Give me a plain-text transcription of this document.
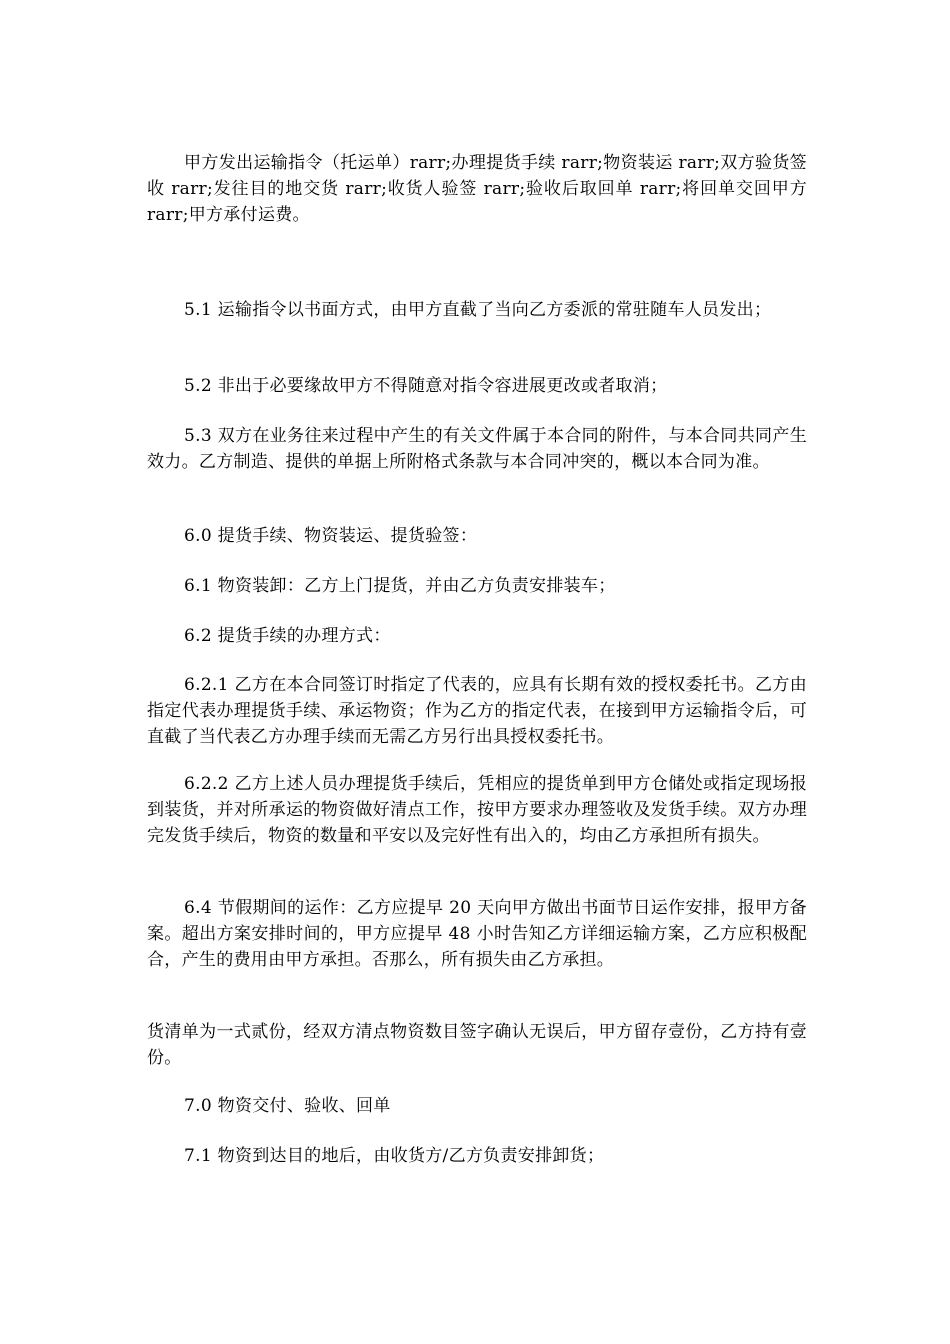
甲方发出运输指令（托运单）rarr;办理提货手续 rarr;物资装运 rarr;双方验货签收 rarr;发往目的地交货 rarr;收货人验签 rarr;验收后取回单 rarr;将回单交回甲方 rarr;甲方承付运费。

5.1 运输指令以书面方式，由甲方直截了当向乙方委派的常驻随车人员发出；

5.2 非出于必要缘故甲方不得随意对指令容进展更改或者取消；

5.3 双方在业务往来过程中产生的有关文件属于本合同的附件，与本合同共同产生效力。乙方制造、提供的单据上所附格式条款与本合同冲突的，概以本合同为准。

6.0 提货手续、物资装运、提货验签：

6.1 物资装卸：乙方上门提货，并由乙方负责安排装车；

6.2 提货手续的办理方式：

6.2.1 乙方在本合同签订时指定了代表的，应具有长期有效的授权委托书。乙方由指定代表办理提货手续、承运物资；作为乙方的指定代表，在接到甲方运输指令后，可直截了当代表乙方办理手续而无需乙方另行出具授权委托书。

6.2.2 乙方上述人员办理提货手续后，凭相应的提货单到甲方仓储处或指定现场报到装货，并对所承运的物资做好清点工作，按甲方要求办理签收及发货手续。双方办理完发货手续后，物资的数量和平安以及完好性有出入的，均由乙方承担所有损失。

6.4 节假期间的运作：乙方应提早 20 天向甲方做出书面节日运作安排，报甲方备案。超出方案安排时间的，甲方应提早 48 小时告知乙方详细运输方案，乙方应积极配合，产生的费用由甲方承担。否那么，所有损失由乙方承担。

货清单为一式贰份，经双方清点物资数目签字确认无误后，甲方留存壹份，乙方持有壹份。

7.0 物资交付、验收、回单

7.1 物资到达目的地后，由收货方/乙方负责安排卸货；
